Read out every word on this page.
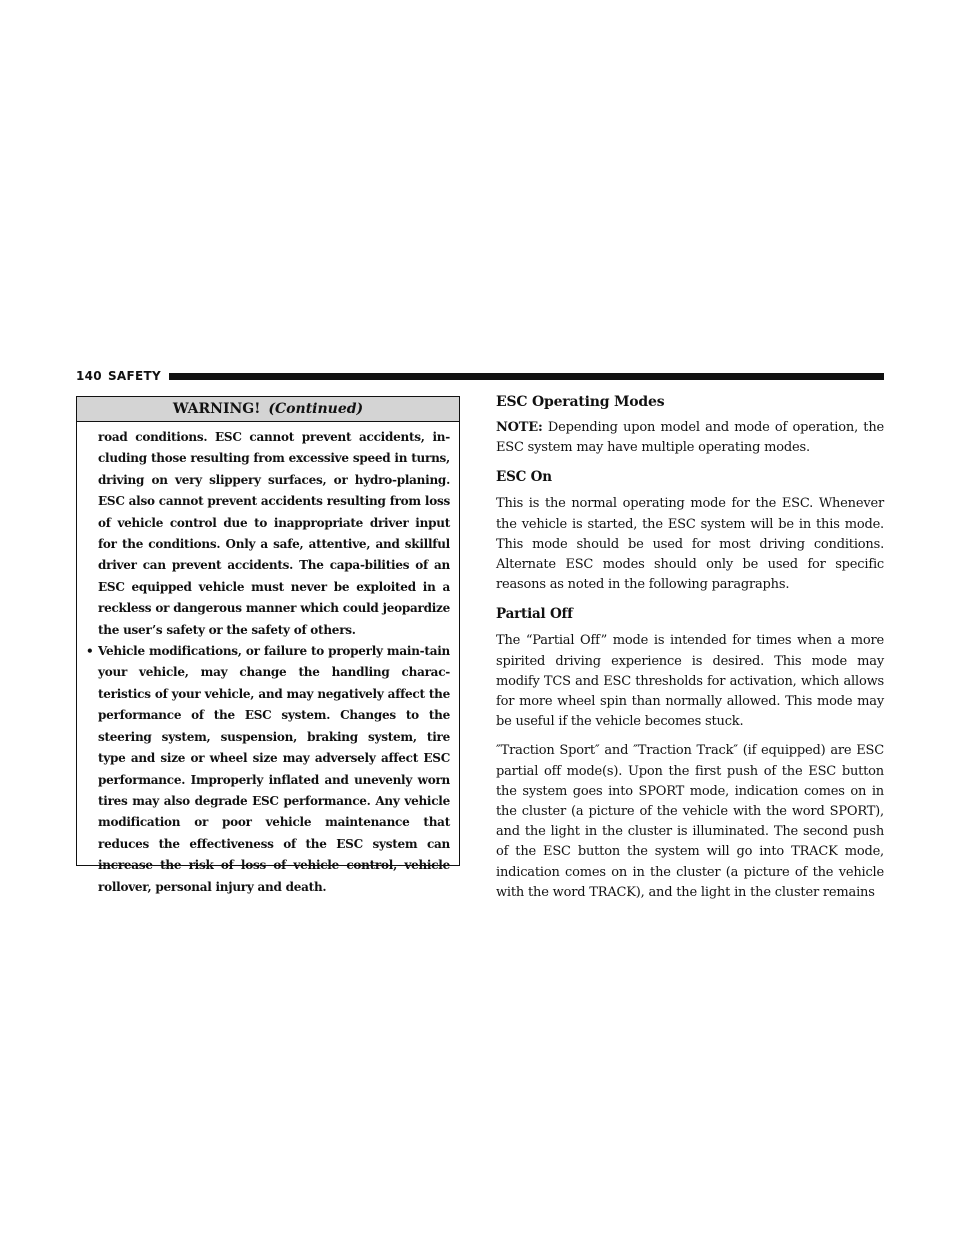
140 SAFETY
WARNING! (Continued)

road conditions. ESC cannot prevent accidents, in-cluding those resulting from excessive speed in turns, driving on very slippery surfaces, or hydro-planing. ESC also cannot prevent accidents resulting from loss of vehicle control due to inappropriate driver input for the conditions. Only a safe, attentive, and skillful driver can prevent accidents. The capa-bilities of an ESC equipped vehicle must never be exploited in a reckless or dangerous manner which could jeopardize the user’s safety or the safety of others.

• Vehicle modifications, or failure to properly main-tain your vehicle, may change the handling charac-teristics of your vehicle, and may negatively affect the performance of the ESC system. Changes to the steering system, suspension, braking system, tire type and size or wheel size may adversely affect ESC performance. Improperly inflated and unevenly worn tires may also degrade ESC performance. Any vehicle modification or poor vehicle maintenance that reduces the effectiveness of the ESC system can increase the risk of loss of vehicle control, vehicle rollover, personal injury and death.
ESC Operating Modes

NOTE: Depending upon model and mode of operation, the ESC system may have multiple operating modes.

ESC On

This is the normal operating mode for the ESC. Whenever the vehicle is started, the ESC system will be in this mode. This mode should be used for most driving conditions. Alternate ESC modes should only be used for specific reasons as noted in the following paragraphs.

Partial Off

The “Partial Off” mode is intended for times when a more spirited driving experience is desired. This mode may modify TCS and ESC thresholds for activation, which allows for more wheel spin than normally allowed. This mode may be useful if the vehicle becomes stuck.

″Traction Sport″ and ″Traction Track″ (if equipped) are ESC partial off mode(s). Upon the first push of the ESC button the system goes into SPORT mode, indication comes on in the cluster (a picture of the vehicle with the word SPORT), and the light in the cluster is illuminated. The second push of the ESC button the system will go into TRACK mode, indication comes on in the cluster (a picture of the vehicle with the word TRACK), and the light in the cluster remains
